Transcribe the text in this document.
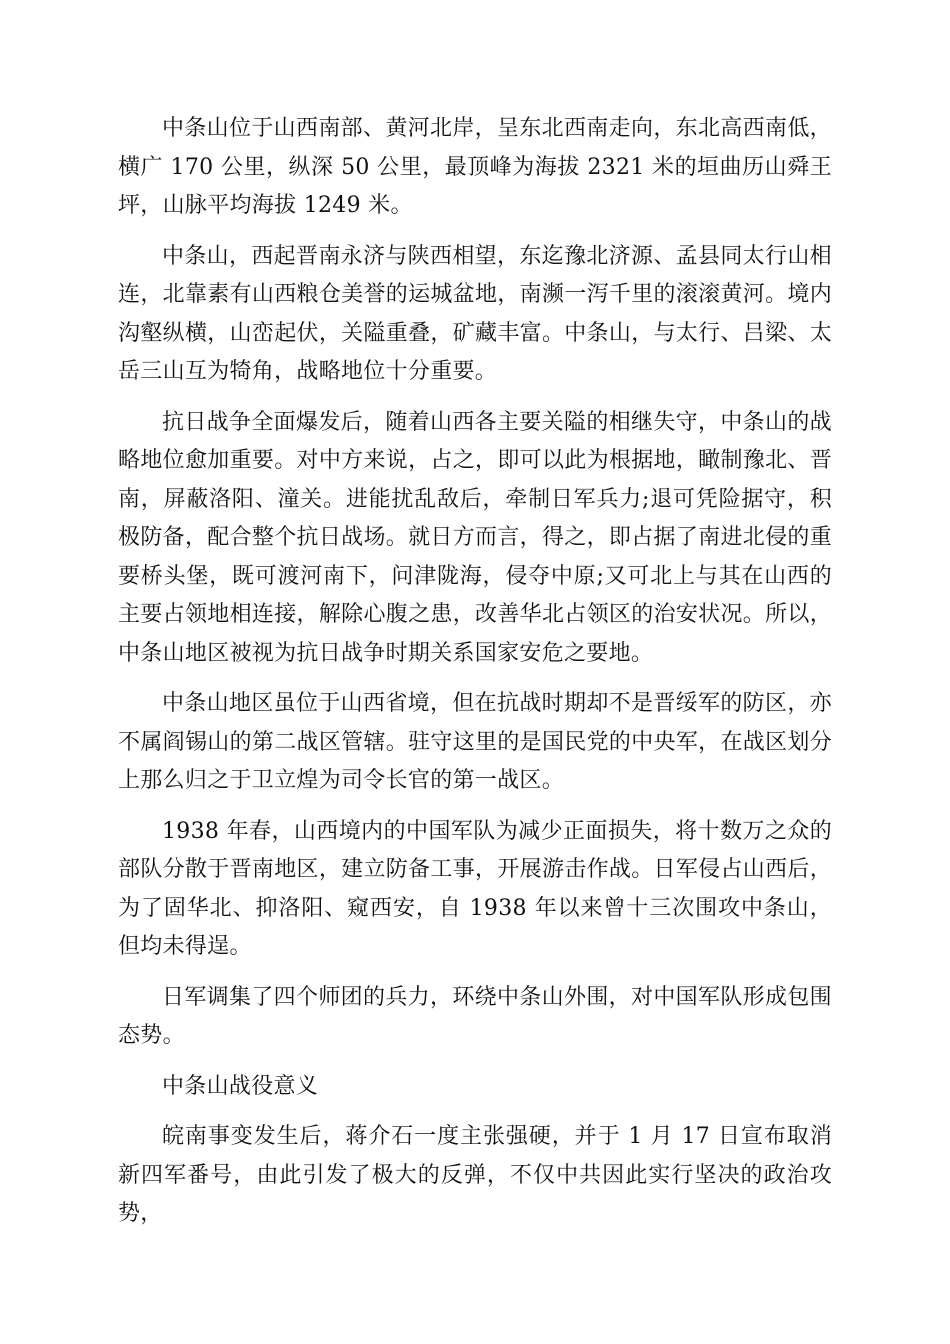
中条山位于山西南部、黄河北岸，呈东北西南走向，东北高西南低，横广 170 公里，纵深 50 公里，最顶峰为海拔 2321 米的垣曲历山舜王坪，山脉平均海拔 1249 米。

中条山，西起晋南永济与陕西相望，东迄豫北济源、孟县同太行山相连，北靠素有山西粮仓美誉的运城盆地，南濒一泻千里的滚滚黄河。境内沟壑纵横，山峦起伏，关隘重叠，矿藏丰富。中条山，与太行、吕梁、太岳三山互为犄角，战略地位十分重要。

抗日战争全面爆发后，随着山西各主要关隘的相继失守，中条山的战略地位愈加重要。对中方来说，占之，即可以此为根据地，瞰制豫北、晋南，屏蔽洛阳、潼关。进能扰乱敌后，牵制日军兵力;退可凭险据守，积极防备，配合整个抗日战场。就日方而言，得之，即占据了南进北侵的重要桥头堡，既可渡河南下，问津陇海，侵夺中原;又可北上与其在山西的主要占领地相连接，解除心腹之患，改善华北占领区的治安状况。所以，中条山地区被视为抗日战争时期关系国家安危之要地。

中条山地区虽位于山西省境，但在抗战时期却不是晋绥军的防区，亦不属阎锡山的第二战区管辖。驻守这里的是国民党的中央军，在战区划分上那么归之于卫立煌为司令长官的第一战区。

1938 年春，山西境内的中国军队为减少正面损失，将十数万之众的部队分散于晋南地区，建立防备工事，开展游击作战。日军侵占山西后，为了固华北、抑洛阳、窥西安，自 1938 年以来曾十三次围攻中条山，但均未得逞。

日军调集了四个师团的兵力，环绕中条山外围，对中国军队形成包围态势。

中条山战役意义

皖南事变发生后，蒋介石一度主张强硬，并于 1 月 17 日宣布取消新四军番号，由此引发了极大的反弹，不仅中共因此实行坚决的政治攻势，
